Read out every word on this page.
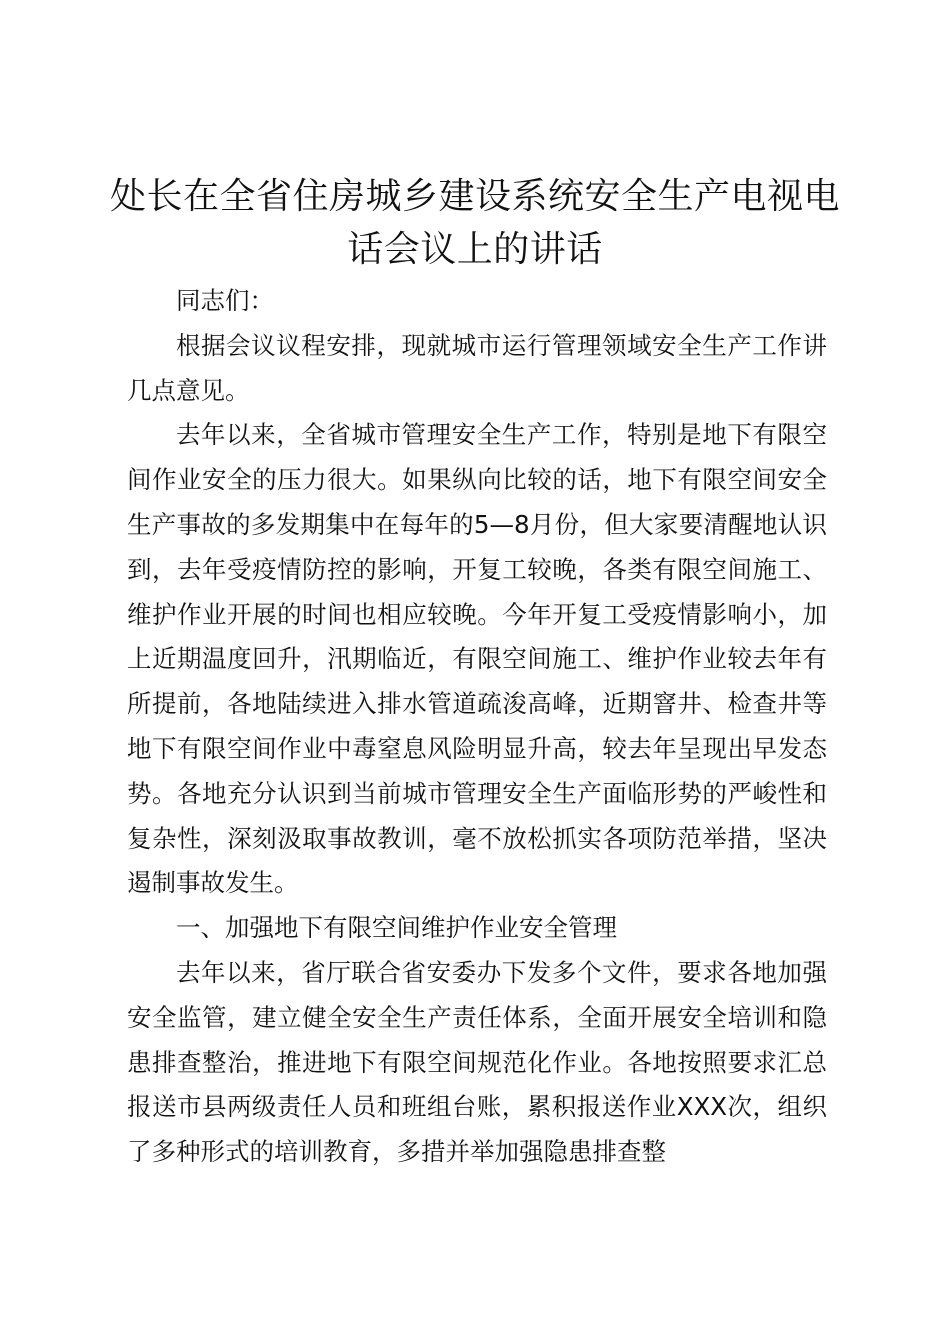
处长在全省住房城乡建设系统安全生产电视电话会议上的讲话

同志们：

根据会议议程安排，现就城市运行管理领域安全生产工作讲几点意见。

去年以来，全省城市管理安全生产工作，特别是地下有限空间作业安全的压力很大。如果纵向比较的话，地下有限空间安全生产事故的多发期集中在每年的5—8月份，但大家要清醒地认识到，去年受疫情防控的影响，开复工较晚，各类有限空间施工、维护作业开展的时间也相应较晚。今年开复工受疫情影响小，加上近期温度回升，汛期临近，有限空间施工、维护作业较去年有所提前，各地陆续进入排水管道疏浚高峰，近期窨井、检查井等地下有限空间作业中毒窒息风险明显升高，较去年呈现出早发态势。各地充分认识到当前城市管理安全生产面临形势的严峻性和复杂性，深刻汲取事故教训，毫不放松抓实各项防范举措，坚决遏制事故发生。

一、加强地下有限空间维护作业安全管理

去年以来，省厅联合省安委办下发多个文件，要求各地加强安全监管，建立健全安全生产责任体系，全面开展安全培训和隐患排查整治，推进地下有限空间规范化作业。各地按照要求汇总报送市县两级责任人员和班组台账，累积报送作业XXX次，组织了多种形式的培训教育，多措并举加强隐患排查整
